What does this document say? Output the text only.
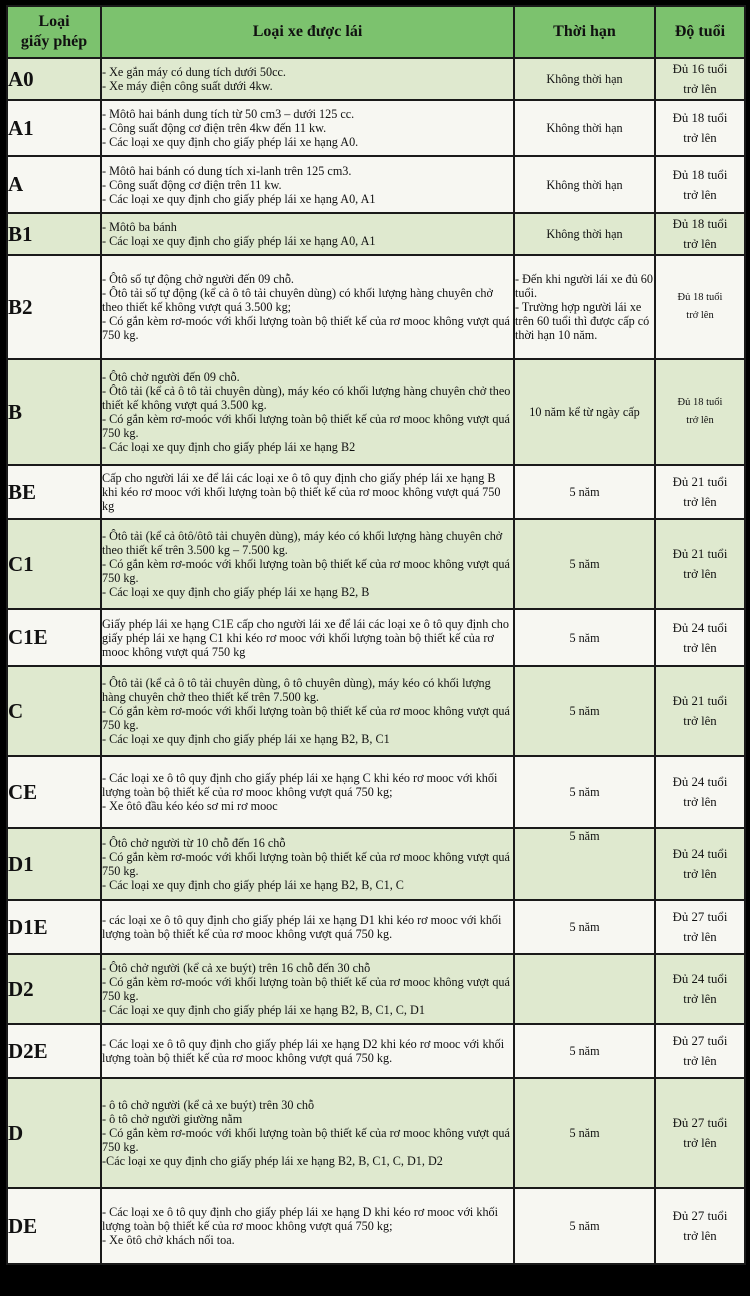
Loại
giấy phép	Loại xe được lái	Thời hạn	Độ tuổi
A0	- Xe gắn máy có dung tích dưới 50cc.
- Xe máy điện công suất dưới 4kw.	Không thời hạn	Đủ 16 tuổi
trở lên

A1	- Môtô hai bánh dung tích từ 50 cm3 – dưới 125 cc.
- Công suất động cơ điện trên 4kw đến 11 kw.
- Các loại xe quy định cho giấy phép lái xe hạng A0.	Không thời hạn	Đủ 18 tuổi
trở lên

A	- Môtô hai bánh có dung tích xi-lanh trên 125 cm3.
- Công suất động cơ điện trên 11 kw.
- Các loại xe quy định cho giấy phép lái xe hạng A0, A1	Không thời hạn	Đủ 18 tuổi
trở lên

B1	- Môtô ba bánh
- Các loại xe quy định cho giấy phép lái xe hạng A0, A1	Không thời hạn	Đủ 18 tuổi
trở lên

B2	- Ôtô số tự động chở người đến 09 chỗ.
- Ôtô tải số tự động (kể cả ô tô tải chuyên dùng) có khối lượng hàng chuyên chở theo thiết kế không vượt quá 3.500 kg;
- Có gắn kèm rơ-moóc với khối lượng toàn bộ thiết kế của rơ mooc không vượt quá 750 kg.	- Đến khi người lái xe đủ 60 tuổi.
- Trường hợp người lái xe trên 60 tuổi thì được cấp có thời hạn 10 năm.	Đủ 18 tuổi
trở lên

B	- Ôtô chở người đến 09 chỗ.
- Ôtô tải (kể cả ô tô tải chuyên dùng), máy kéo có khối lượng hàng chuyên chở theo thiết kế không vượt quá 3.500 kg.
- Có gắn kèm rơ-moóc với khối lượng toàn bộ thiết kế của rơ mooc không vượt quá 750 kg.
- Các loại xe quy định cho giấy phép lái xe hạng B2	10 năm kể từ ngày cấp	Đủ 18 tuổi
trở lên

BE	Cấp cho người lái xe để lái các loại xe ô tô quy định cho giấy phép lái xe hạng B khi kéo rơ mooc với khối lượng toàn bộ thiết kế của rơ mooc không vượt quá 750 kg	5 năm	Đủ 21 tuổi
trở lên

C1	- Ôtô tải (kể cả ôtô/ôtô tải chuyên dùng), máy kéo có khối lượng hàng chuyên chở theo thiết kế trên 3.500 kg – 7.500 kg.
- Có gắn kèm rơ-moóc với khối lượng toàn bộ thiết kế của rơ mooc không vượt quá 750 kg.
- Các loại xe quy định cho giấy phép lái xe hạng B2, B	5 năm	Đủ 21 tuổi
trở lên

C1E	Giấy phép lái xe hạng C1E cấp cho người lái xe để lái các loại xe ô tô quy định cho giấy phép lái xe hạng C1 khi kéo rơ mooc với khối lượng toàn bộ thiết kế của rơ mooc không vượt quá 750 kg	5 năm	Đủ 24 tuổi
trở lên

C	- Ôtô tải (kể cả ô tô tải chuyên dùng, ô tô chuyên dùng), máy kéo có khối lượng hàng chuyên chở theo thiết kế trên 7.500 kg.
- Có gắn kèm rơ-moóc với khối lượng toàn bộ thiết kế của rơ mooc không vượt quá 750 kg.
- Các loại xe quy định cho giấy phép lái xe hạng B2, B, C1	5 năm	Đủ 21 tuổi
trở lên

CE	- Các loại xe ô tô quy định cho giấy phép lái xe hạng C khi kéo rơ mooc với khối lượng toàn bộ thiết kế của rơ mooc không vượt quá 750 kg;
- Xe ôtô đầu kéo kéo sơ mi rơ mooc	5 năm	Đủ 24 tuổi
trở lên

D1	- Ôtô chở người từ 10 chỗ đến 16 chỗ
- Có gắn kèm rơ-moóc với khối lượng toàn bộ thiết kế của rơ mooc không vượt quá 750 kg.
- Các loại xe quy định cho giấy phép lái xe hạng B2, B, C1, C	5 năm	Đủ 24 tuổi
trở lên

D1E	- các loại xe ô tô quy định cho giấy phép lái xe hạng D1 khi kéo rơ mooc với khối lượng toàn bộ thiết kế của rơ mooc không vượt quá 750 kg.	5 năm	Đủ 27 tuổi
trở lên

D2	- Ôtô chở người (kể cả xe buýt) trên 16 chỗ đến 30 chỗ
- Có gắn kèm rơ-moóc với khối lượng toàn bộ thiết kế của rơ mooc không vượt quá 750 kg.
- Các loại xe quy định cho giấy phép lái xe hạng B2, B, C1, C, D1		Đủ 24 tuổi
trở lên

D2E	- Các loại xe ô tô quy định cho giấy phép lái xe hạng D2 khi kéo rơ mooc với khối lượng toàn bộ thiết kế của rơ mooc không vượt quá 750 kg.	5 năm	Đủ 27 tuổi
trở lên

D	- ô tô chở người (kể cả xe buýt) trên 30 chỗ
- ô tô chở người giường nằm
- Có gắn kèm rơ-moóc với khối lượng toàn bộ thiết kế của rơ mooc không vượt quá 750 kg.
-Các loại xe quy định cho giấy phép lái xe hạng B2, B, C1, C, D1, D2	5 năm	Đủ 27 tuổi
trở lên

DE	- Các loại xe ô tô quy định cho giấy phép lái xe hạng D khi kéo rơ mooc với khối lượng toàn bộ thiết kế của rơ mooc không vượt quá 750 kg;
- Xe ôtô chở khách nối toa.	5 năm	Đủ 27 tuổi
trở lên
